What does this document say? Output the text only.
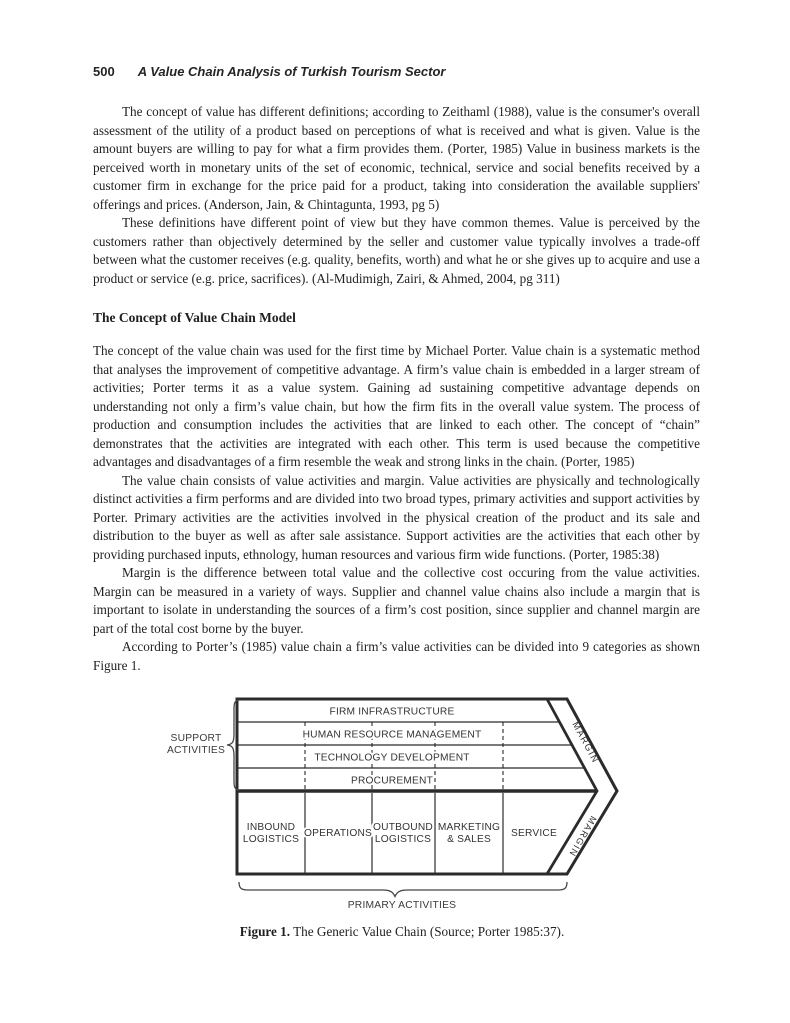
500 A Value Chain Analysis of Turkish Tourism Sector

The concept of value has different definitions; according to Zeithaml (1988), value is the consumer's overall assessment of the utility of a product based on perceptions of what is received and what is given. Value is the amount buyers are willing to pay for what a firm provides them. (Porter, 1985) Value in business markets is the perceived worth in monetary units of the set of economic, technical, service and social benefits received by a customer firm in exchange for the price paid for a product, taking into consideration the available suppliers' offerings and prices. (Anderson, Jain, & Chintagunta, 1993, pg 5)

These definitions have different point of view but they have common themes. Value is perceived by the customers rather than objectively determined by the seller and customer value typically involves a trade-off between what the customer receives (e.g. quality, benefits, worth) and what he or she gives up to acquire and use a product or service (e.g. price, sacrifices). (Al-Mudimigh, Zairi, & Ahmed, 2004, pg 311)

The Concept of Value Chain Model

The concept of the value chain was used for the first time by Michael Porter. Value chain is a systematic method that analyses the improvement of competitive advantage. A firm’s value chain is embedded in a larger stream of activities; Porter terms it as a value system. Gaining ad sustaining competitive advantage depends on understanding not only a firm’s value chain, but how the firm fits in the overall value system. The process of production and consumption includes the activities that are linked to each other. The concept of “chain” demonstrates that the activities are integrated with each other. This term is used because the competitive advantages and disadvantages of a firm resemble the weak and strong links in the chain. (Porter, 1985)

The value chain consists of value activities and margin. Value activities are physically and technologically distinct activities a firm performs and are divided into two broad types, primary activities and support activities by Porter. Primary activities are the activities involved in the physical creation of the product and its sale and distribution to the buyer as well as after sale assistance. Support activities are the activities that each other by providing purchased inputs, ethnology, human resources and various firm wide functions. (Porter, 1985:38)

Margin is the difference between total value and the collective cost occuring from the value activities. Margin can be measured in a variety of ways. Supplier and channel value chains also include a margin that is important to isolate in understanding the sources of a firm’s cost position, since supplier and channel margin are part of the total cost borne by the buyer.

According to Porter’s (1985) value chain a firm’s value activities can be divided into 9 categories as shown Figure 1.

FIRM INFRASTRUCTURE
HUMAN RESOURCE MANAGEMENT
TECHNOLOGY DEVELOPMENT
PROCUREMENT
INBOUND LOGISTICS
OPERATIONS
OUTBOUND LOGISTICS
MARKETING & SALES
SERVICE
MARGIN
MARGIN
SUPPORT ACTIVITIES
PRIMARY ACTIVITIES
Figure 1. The Generic Value Chain (Source; Porter 1985:37).
